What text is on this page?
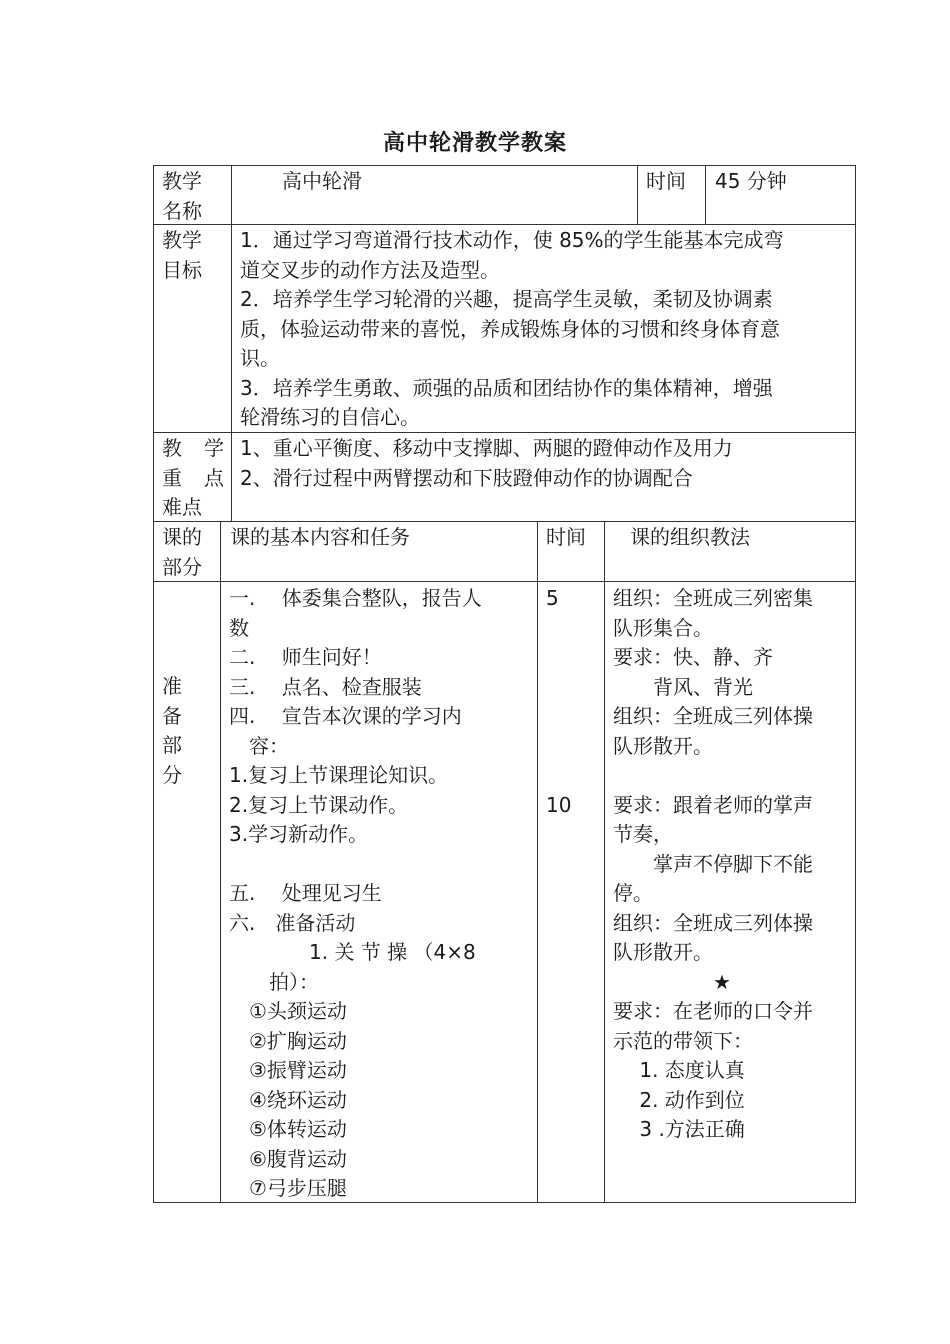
高中轮滑教学教案
教学
名称
高中轮滑	时间 45 分钟
教学
目标
1．通过学习弯道滑行技术动作，使 85%的学生能基本完成弯
道交叉步的动作方法及造型。
2．培养学生学习轮滑的兴趣，提高学生灵敏，柔韧及协调素
质，体验运动带来的喜悦，养成锻炼身体的习惯和终身体育意
识。
3．培养学生勇敢、顽强的品质和团结协作的集体精神，增强
轮滑练习的自信心。
教 学
重 点
难点
1、重心平衡度、移动中支撑脚、两腿的蹬伸动作及用力
2、滑行过程中两臂摆动和下肢蹬伸动作的协调配合
课的
部分
课的基本内容和任务	时间 课的组织教法
准
备
部
分
一.　 体委集合整队，报告人
数
二.　 师生问好！
三.　 点名、检查服装
四.　 宣告本次课的学习内
　容：
1.复习上节课理论知识。
2.复习上节课动作。
3.学习新动作。

五.　 处理见习生
六.　准备活动
　　　　1. 关 节 操 （4×8
　　拍）：
　①头颈运动
　②扩胸运动
　③振臂运动
　④绕环运动
　⑤体转运动
　⑥腹背运动
　⑦弓步压腿
5
10
组织：全班成三列密集
队形集合。
要求：快、静、齐
　　背风、背光
组织：全班成三列体操
队形散开。

要求：跟着老师的掌声
节奏，
　　掌声不停脚下不能
停。
组织：全班成三列体操
队形散开。
　　　　　★
要求：在老师的口令并
示范的带领下：
　 1. 态度认真
　 2. 动作到位
　 3 .方法正确
